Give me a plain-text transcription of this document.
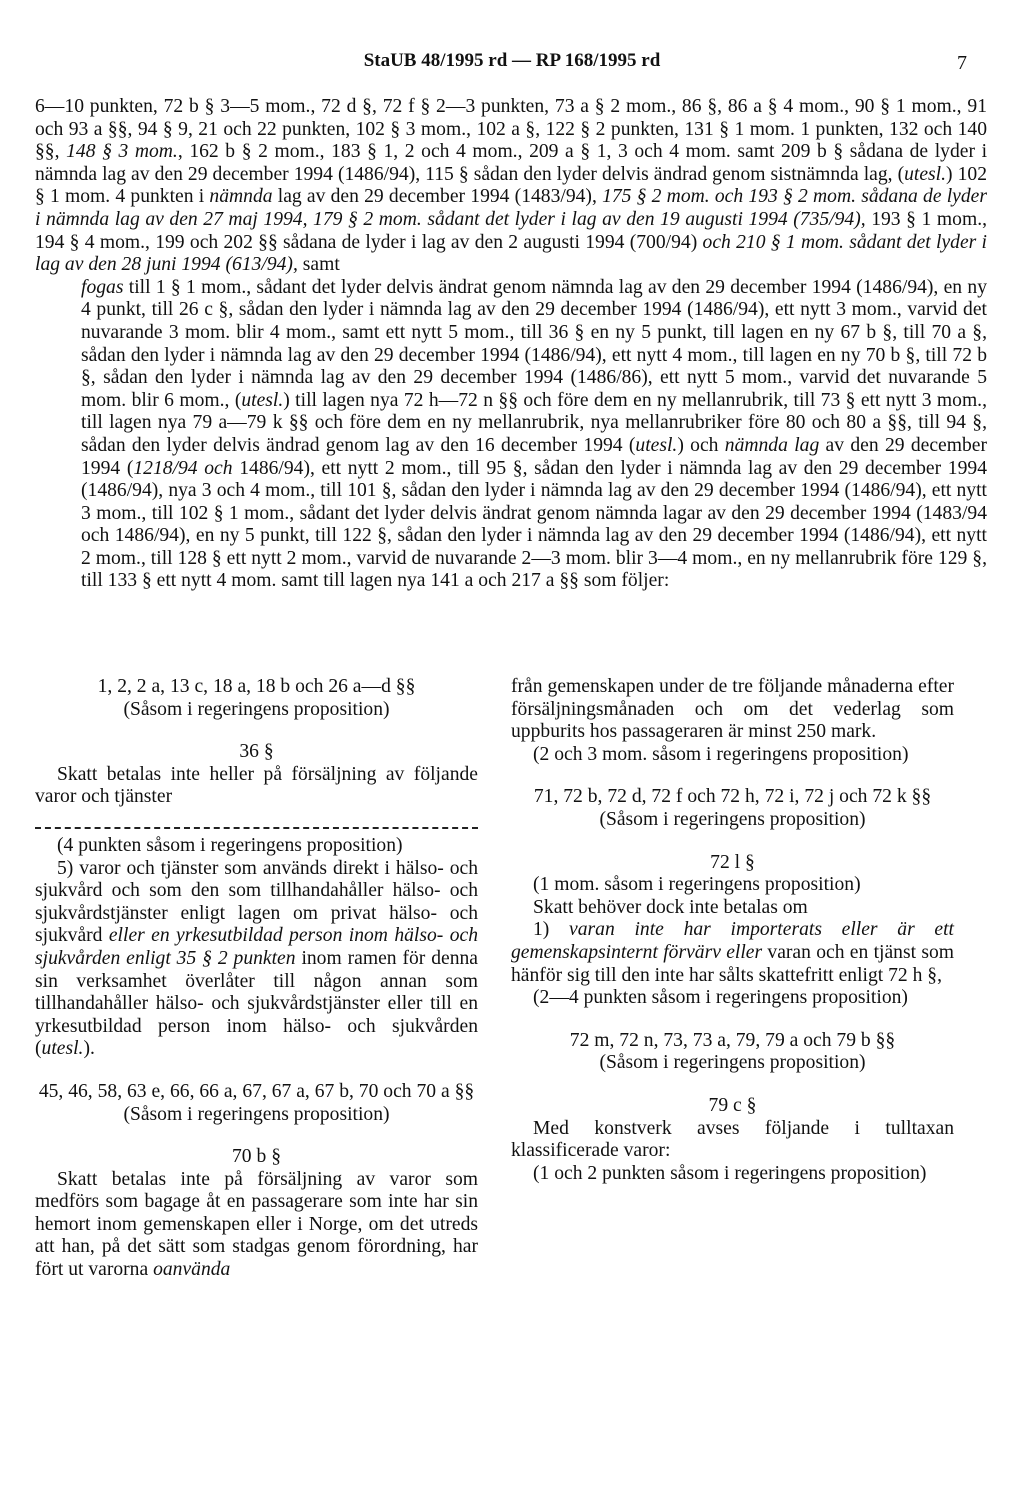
StaUB 48/1995 rd — RP 168/1995 rd	7

6—10 punkten, 72 b § 3—5 mom., 72 d §, 72 f § 2—3 punkten, 73 a § 2 mom., 86 §, 86 a § 4 mom., 90 § 1 mom., 91 och 93 a §§, 94 § 9, 21 och 22 punkten, 102 § 3 mom., 102 a §, 122 § 2 punkten, 131 § 1 mom. 1 punkten, 132 och 140 §§, 148 § 3 mom., 162 b § 2 mom., 183 § 1, 2 och 4 mom., 209 a § 1, 3 och 4 mom. samt 209 b § sådana de lyder i nämnda lag av den 29 december 1994 (1486/94), 115 § sådan den lyder delvis ändrad genom sistnämnda lag, (utesl.) 102 § 1 mom. 4 punkten i nämnda lag av den 29 december 1994 (1483/94), 175 § 2 mom. och 193 § 2 mom. sådana de lyder i nämnda lag av den 27 maj 1994, 179 § 2 mom. sådant det lyder i lag av den 19 augusti 1994 (735/94), 193 § 1 mom., 194 § 4 mom., 199 och 202 §§ sådana de lyder i lag av den 2 augusti 1994 (700/94) och 210 § 1 mom. sådant det lyder i lag av den 28 juni 1994 (613/94), samt

fogas till 1 § 1 mom., sådant det lyder delvis ändrat genom nämnda lag av den 29 december 1994 (1486/94), en ny 4 punkt, till 26 c §, sådan den lyder i nämnda lag av den 29 december 1994 (1486/94), ett nytt 3 mom., varvid det nuvarande 3 mom. blir 4 mom., samt ett nytt 5 mom., till 36 § en ny 5 punkt, till lagen en ny 67 b §, till 70 a §, sådan den lyder i nämnda lag av den 29 december 1994 (1486/94), ett nytt 4 mom., till lagen en ny 70 b §, till 72 b §, sådan den lyder i nämnda lag av den 29 december 1994 (1486/86), ett nytt 5 mom., varvid det nuvarande 5 mom. blir 6 mom., (utesl.) till lagen nya 72 h—72 n §§ och före dem en ny mellanrubrik, till 73 § ett nytt 3 mom., till lagen nya 79 a—79 k §§ och före dem en ny mellanrubrik, nya mellanrubriker före 80 och 80 a §§, till 94 §, sådan den lyder delvis ändrad genom lag av den 16 december 1994 (utesl.) och nämnda lag av den 29 december 1994 (1218/94 och 1486/94), ett nytt 2 mom., till 95 §, sådan den lyder i nämnda lag av den 29 december 1994 (1486/94), nya 3 och 4 mom., till 101 §, sådan den lyder i nämnda lag av den 29 december 1994 (1486/94), ett nytt 3 mom., till 102 § 1 mom., sådant det lyder delvis ändrat genom nämnda lagar av den 29 december 1994 (1483/94 och 1486/94), en ny 5 punkt, till 122 §, sådan den lyder i nämnda lag av den 29 december 1994 (1486/94), ett nytt 2 mom., till 128 § ett nytt 2 mom., varvid de nuvarande 2—3 mom. blir 3—4 mom., en ny mellanrubrik före 129 §, till 133 § ett nytt 4 mom. samt till lagen nya 141 a och 217 a §§ som följer:

1, 2, 2 a, 13 c, 18 a, 18 b och 26 a—d §§

(Såsom i regeringens proposition)

36 §

Skatt betalas inte heller på försäljning av följande varor och tjänster

(4 punkten såsom i regeringens proposition)

5) varor och tjänster som används direkt i hälso- och sjukvård och som den som tillhandahåller hälso- och sjukvårdstjänster enligt lagen om privat hälso- och sjukvård eller en yrkesutbildad person inom hälso- och sjukvården enligt 35 § 2 punkten inom ramen för denna sin verksamhet överlåter till någon annan som tillhandahåller hälso- och sjukvårdstjänster eller till en yrkesutbildad person inom hälso- och sjukvården (utesl.).

45, 46, 58, 63 e, 66, 66 a, 67, 67 a, 67 b, 70 och 70 a §§

(Såsom i regeringens proposition)

70 b §

Skatt betalas inte på försäljning av varor som medförs som bagage åt en passagerare som inte har sin hemort inom gemenskapen eller i Norge, om det utreds att han, på det sätt som stadgas genom förordning, har fört ut varorna oanvända

från gemenskapen under de tre följande månaderna efter försäljningsmånaden och om det vederlag som uppburits hos passageraren är minst 250 mark.

(2 och 3 mom. såsom i regeringens proposition)

71, 72 b, 72 d, 72 f och 72 h, 72 i, 72 j och 72 k §§

(Såsom i regeringens proposition)

72 l §

(1 mom. såsom i regeringens proposition)

Skatt behöver dock inte betalas om

1) varan inte har importerats eller är ett gemenskapsinternt förvärv eller varan och en tjänst som hänför sig till den inte har sålts skattefritt enligt 72 h §,

(2—4 punkten såsom i regeringens proposition)

72 m, 72 n, 73, 73 a, 79, 79 a och 79 b §§

(Såsom i regeringens proposition)

79 c §

Med konstverk avses följande i tulltaxan klassificerade varor:

(1 och 2 punkten såsom i regeringens proposition)
